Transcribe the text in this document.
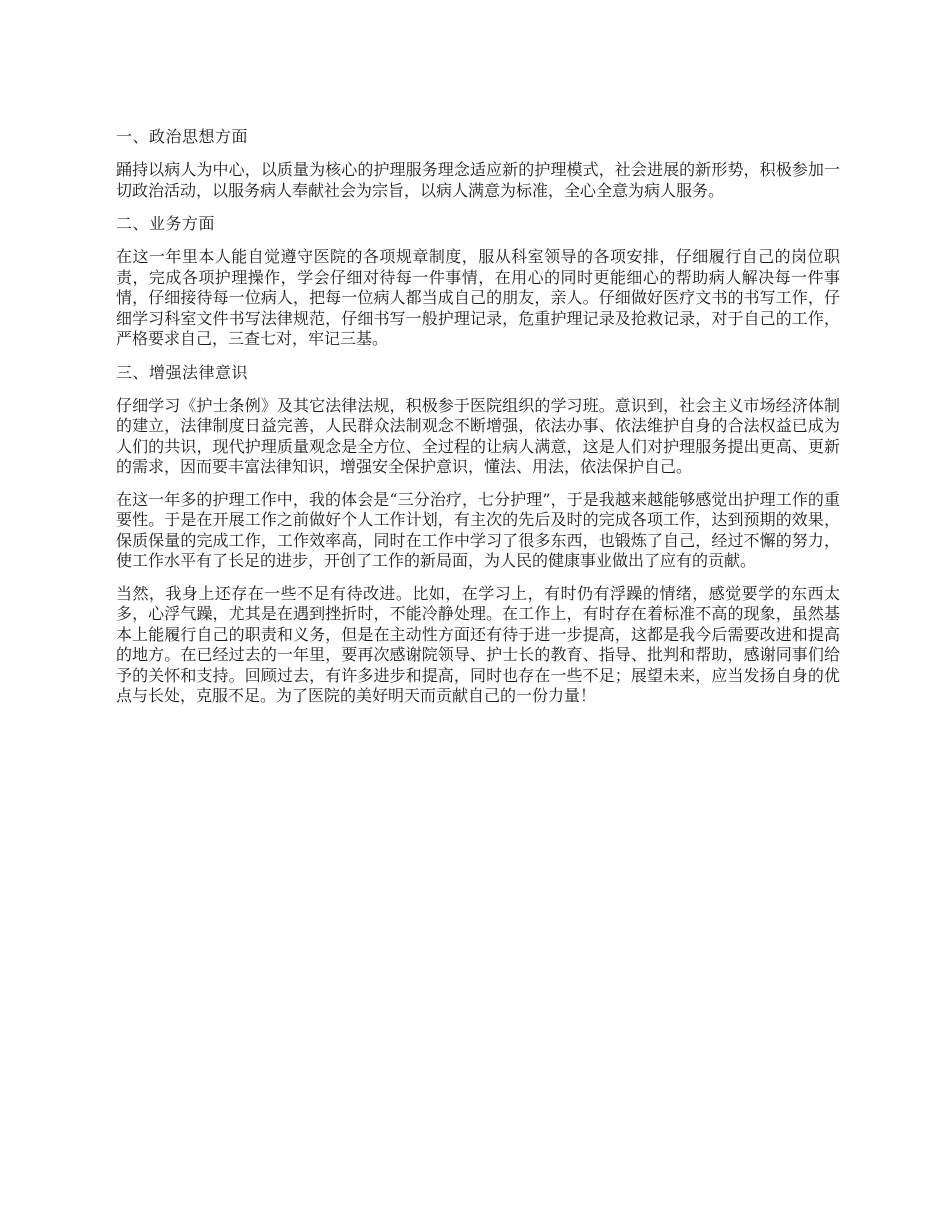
一、政治思想方面
踊持以病人为中心，以质量为核心的护理服务理念适应新的护理模式，社会进展的新形势，积极参加一切政治活动，以服务病人奉献社会为宗旨，以病人满意为标准，全心全意为病人服务。
二、业务方面
在这一年里本人能自觉遵守医院的各项规章制度，服从科室领导的各项安排，仔细履行自己的岗位职责，完成各项护理操作，学会仔细对待每一件事情，在用心的同时更能细心的帮助病人解决每一件事情，仔细接待每一位病人，把每一位病人都当成自己的朋友，亲人。仔细做好医疗文书的书写工作，仔细学习科室文件书写法律规范，仔细书写一般护理记录，危重护理记录及抢救记录，对于自己的工作，严格要求自己，三查七对，牢记三基。
三、增强法律意识
仔细学习《护士条例》及其它法律法规，积极参于医院组织的学习班。意识到，社会主义市场经济体制的建立，法律制度日益完善，人民群众法制观念不断增强，依法办事、依法维护自身的合法权益已成为人们的共识，现代护理质量观念是全方位、全过程的让病人满意，这是人们对护理服务提出更高、更新的需求，因而要丰富法律知识，增强安全保护意识，懂法、用法，依法保护自己。
在这一年多的护理工作中，我的体会是“三分治疗，七分护理”，于是我越来越能够感觉出护理工作的重要性。于是在开展工作之前做好个人工作计划，有主次的先后及时的完成各项工作，达到预期的效果，保质保量的完成工作，工作效率高，同时在工作中学习了很多东西，也锻炼了自己，经过不懈的努力，使工作水平有了长足的进步，开创了工作的新局面，为人民的健康事业做出了应有的贡献。
当然，我身上还存在一些不足有待改进。比如，在学习上，有时仍有浮躁的情绪，感觉要学的东西太多，心浮气躁，尤其是在遇到挫折时，不能冷静处理。在工作上，有时存在着标准不高的现象，虽然基本上能履行自己的职责和义务，但是在主动性方面还有待于进一步提高，这都是我今后需要改进和提高的地方。在已经过去的一年里，要再次感谢院领导、护士长的教育、指导、批判和帮助，感谢同事们给予的关怀和支持。回顾过去，有许多进步和提高，同时也存在一些不足；展望未来，应当发扬自身的优点与长处，克服不足。为了医院的美好明天而贡献自己的一份力量！
